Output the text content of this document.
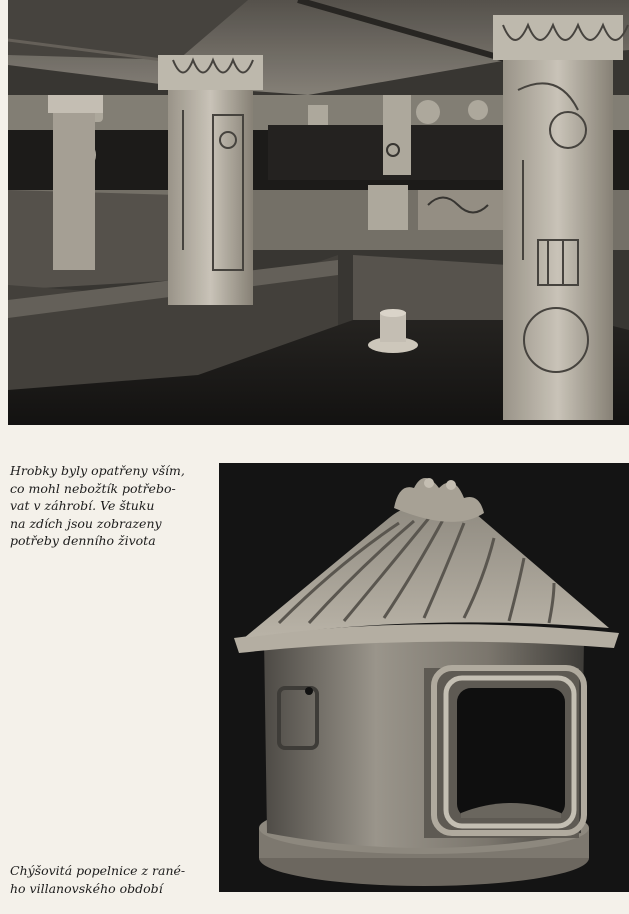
Hrobky byly opatřeny vším,
co mohl nebožtík potřebo-
vat v záhrobí. Ve štuku
na zdích jsou zobrazeny
potřeby denního života
Chýšovitá popelnice z rané-
ho villanovského období
